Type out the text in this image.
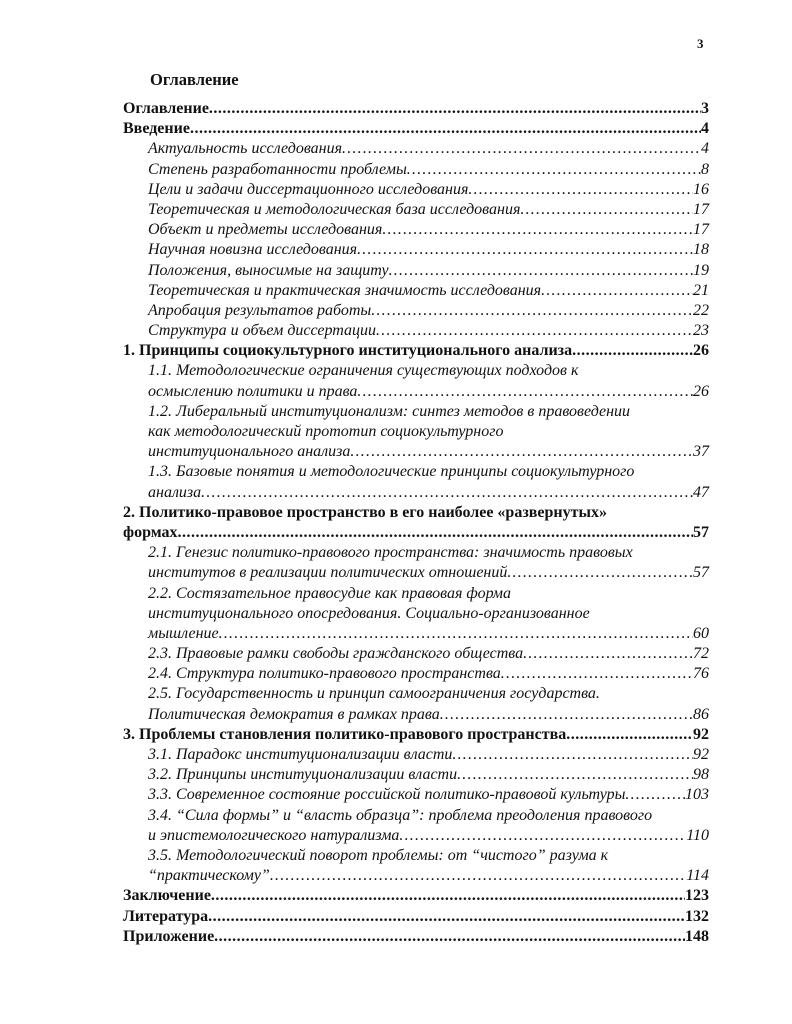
3
Оглавление
Оглавление .....	3
Введение .....	4
Актуальность исследования .....	4
Степень разработанности проблемы .....	8
Цели и задачи диссертационного исследования .....	16
Теоретическая и методологическая база исследования .....	17
Объект и предметы исследования .....	17
Научная новизна исследования .....	18
Положения, выносимые на защиту .....	19
Теоретическая и практическая значимость исследования .....	21
Апробация результатов работы .....	22
Структура и объем диссертации .....	23
1. Принципы социокультурного институционального анализа .....	26
1.1. Методологические ограничения существующих подходов к
осмыслению политики и права .....	26
1.2. Либеральный институционализм: синтез методов в правоведении
как методологический прототип социокультурного
институционального анализа .....	37
1.3. Базовые понятия и методологические принципы социокультурного
анализа .....	47
2. Политико-правовое пространство в его наиболее «развернутых»
формах .....	57
2.1. Генезис политико-правового пространства: значимость правовых
институтов в реализации политических отношений .....	57
2.2. Состязательное правосудие как правовая форма
институционального опосредования. Социально-организованное
мышление .....	60
2.3. Правовые рамки свободы гражданского общества .....	72
2.4. Структура политико-правового пространства .....	76
2.5. Государственность и принцип самоограничения государства.
Политическая демократия в рамках права .....	86
3. Проблемы становления политико-правового пространства .....	92
3.1. Парадокс институционализации власти .....	92
3.2. Принципы институционализации власти .....	98
3.3. Современное состояние российской политико-правовой культуры .....	103
3.4. “Сила формы” и “власть образца”: проблема преодоления правового
и эпистемологического натурализма .....	110
3.5. Методологический поворот проблемы: от “чистого” разума к
“практическому” .....	114
Заключение .....	123
Литература .....	132
Приложение .....	148
